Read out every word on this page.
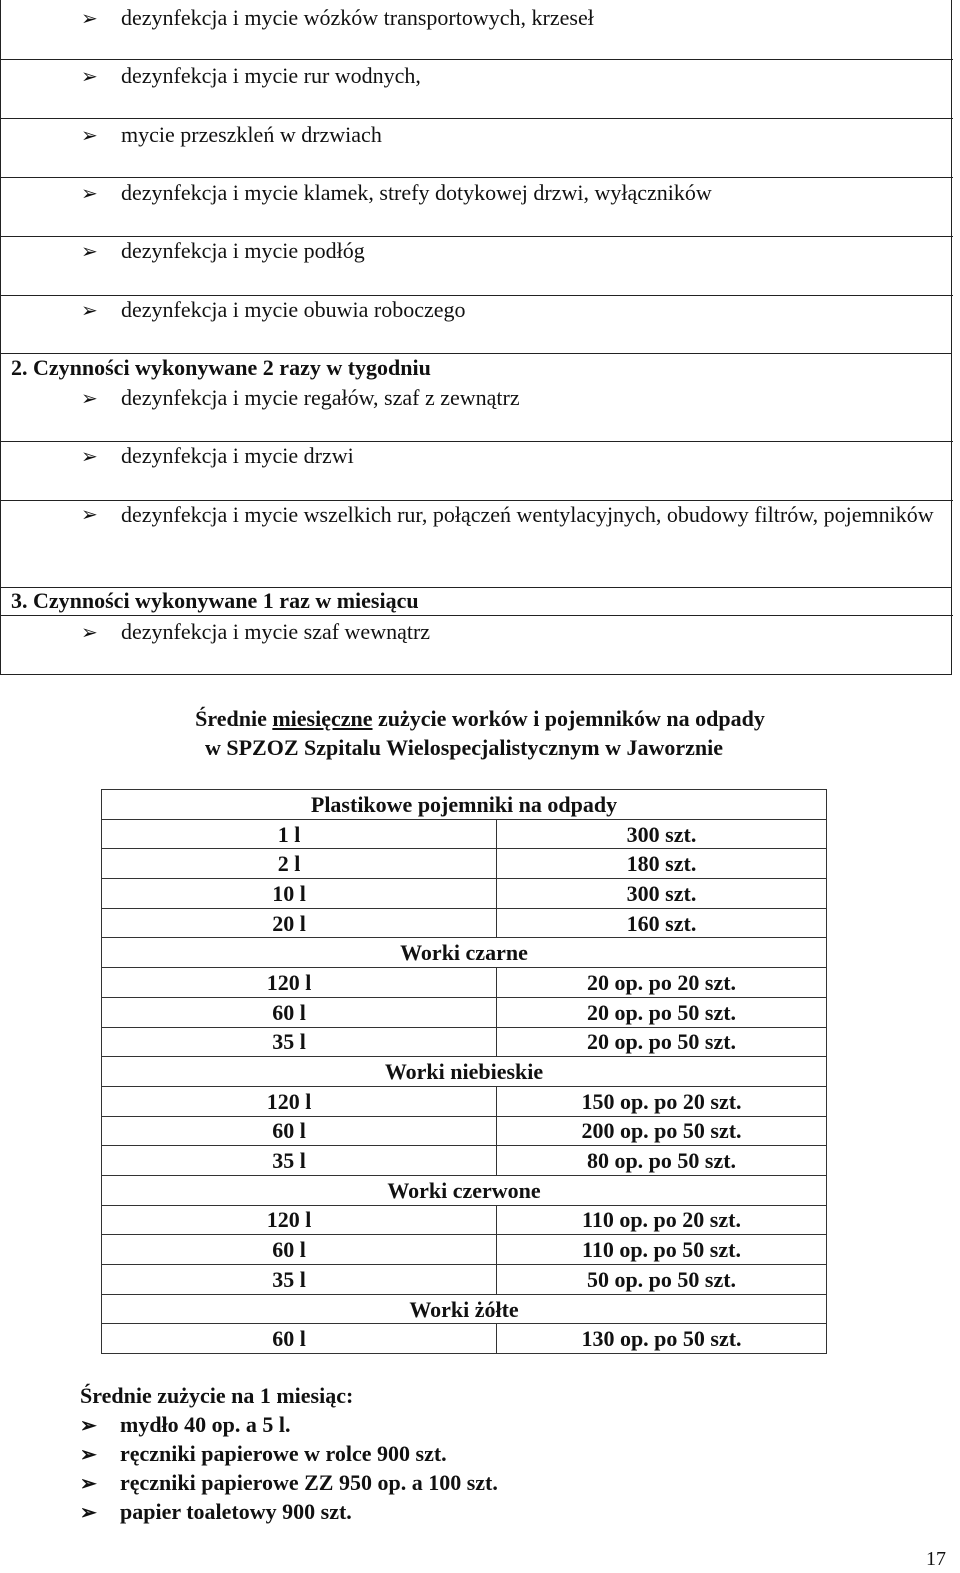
➢ dezynfekcja i mycie wózków transportowych, krzeseł
➢ dezynfekcja i mycie rur wodnych,
➢ mycie przeszkleń w drzwiach
➢ dezynfekcja i mycie klamek, strefy dotykowej drzwi, wyłączników
➢ dezynfekcja i mycie podłóg
➢ dezynfekcja i mycie obuwia roboczego
2. Czynności wykonywane 2 razy w tygodniu
➢ dezynfekcja i mycie regałów, szaf z zewnątrz
➢ dezynfekcja i mycie drzwi
➢	dezynfekcja i mycie wszelkich rur, połączeń wentylacyjnych, obudowy filtrów, pojemników
3. Czynności wykonywane 1 raz w miesiącu
➢ dezynfekcja i mycie szaf wewnątrz
Średnie miesięczne zużycie worków i pojemników na odpady
w SPZOZ Szpitalu Wielospecjalistycznym w Jaworznie
Plastikowe pojemniki na odpady	
1 l	300 szt.
2 l	180 szt.
10 l	300 szt.
20 l	160 szt.
Worki czarne	
120 l	20 op. po 20 szt.
60 l	20 op. po 50 szt.
35 l	20 op. po 50 szt.
Worki niebieskie	
120 l	150 op. po 20 szt.
60 l	200 op. po 50 szt.
35 l	80 op. po 50 szt.
Worki czerwone	
120 l	110 op. po 20 szt.
60 l	110 op. po 50 szt.
35 l	50 op. po 50 szt.
Worki żółte	
60 l	130 op. po 50 szt.
Średnie zużycie na 1 miesiąc:
➢ mydło 40 op. a 5 l.
➢ ręczniki papierowe w rolce 900 szt.
➢ ręczniki papierowe ZZ 950 op. a 100 szt.
➢ papier toaletowy 900 szt.
17
